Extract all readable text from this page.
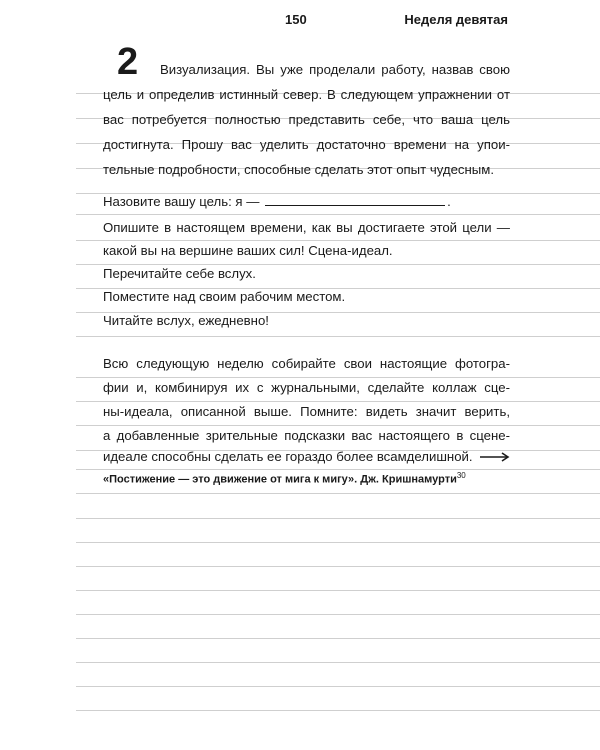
150	Неделя девятая
2 Визуализация. Вы уже проделали работу, назвав свою
цель и определив истинный север. В следующем упражнении от
вас потребуется полностью представить себе, что ваша цель
достигнута. Прошу вас уделить достаточно времени на упои-
тельные подробности, способные сделать этот опыт чудесным.
Назовите вашу цель: я —	.
Опишите в настоящем времени, как вы достигаете этой цели —
какой вы на вершине ваших сил! Сцена-идеал.
Перечитайте себе вслух.
Поместите над своим рабочим местом.
Читайте вслух, ежедневно!
Всю следующую неделю собирайте свои настоящие фотогра-
фии и, комбинируя их с журнальными, сделайте коллаж сце-
ны-идеала, описанной выше. Помните: видеть значит верить,
а добавленные зрительные подсказки вас настоящего в сцене-
идеале способны сделать ее гораздо более всамделишной.
«Постижение — это движение от мига к мигу». Дж. Кришнамурти$^{30}$
